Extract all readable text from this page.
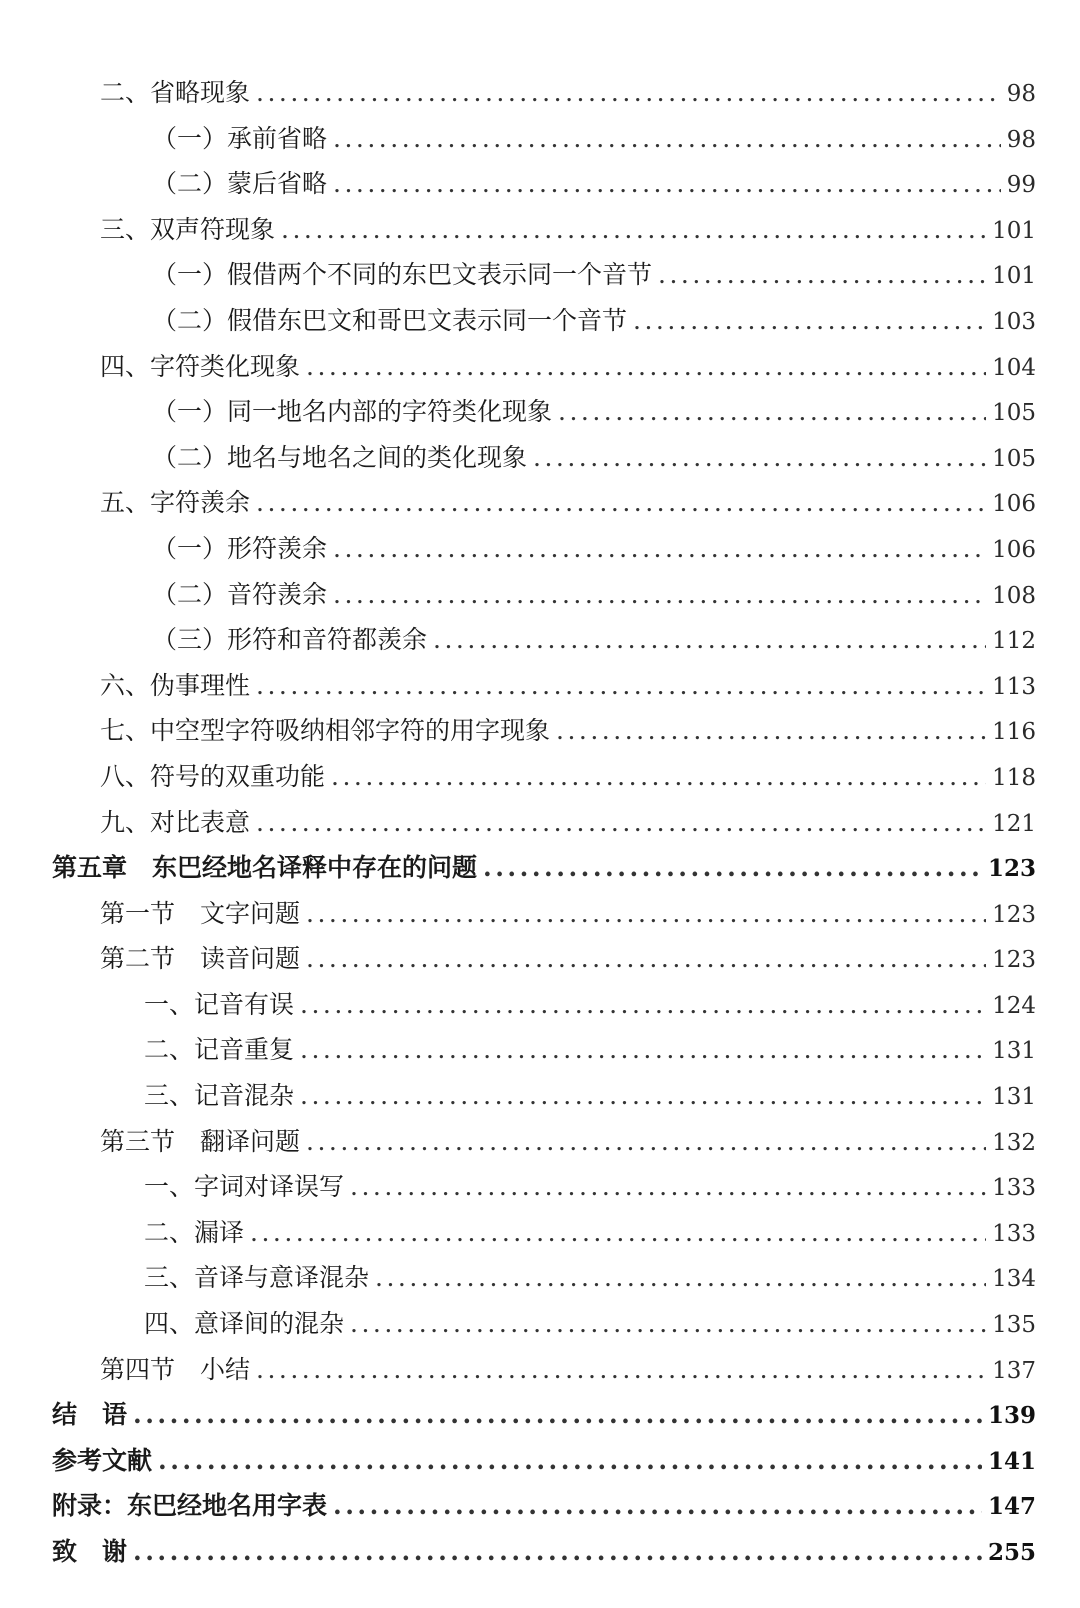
二、省略现象 .....	98
（一）承前省略 .....	98
（二）蒙后省略 .....	99
三、双声符现象 .....	101
（一）假借两个不同的东巴文表示同一个音节 .....	101
（二）假借东巴文和哥巴文表示同一个音节 .....	103
四、字符类化现象 .....	104
（一）同一地名内部的字符类化现象 .....	105
（二）地名与地名之间的类化现象 .....	105
五、字符羡余 .....	106
（一）形符羡余 .....	106
（二）音符羡余 .....	108
（三）形符和音符都羡余 .....	112
六、伪事理性 .....	113
七、中空型字符吸纳相邻字符的用字现象 .....	116
八、符号的双重功能 .....	118
九、对比表意 .....	121
第五章　东巴经地名译释中存在的问题 .....	123
第一节　文字问题 .....	123
第二节　读音问题 .....	123
一、记音有误 .....	124
二、记音重复 .....	131
三、记音混杂 .....	131
第三节　翻译问题 .....	132
一、字词对译误写 .....	133
二、漏译 .....	133
三、音译与意译混杂 .....	134
四、意译间的混杂 .....	135
第四节　小结 .....	137
结　语 .....	139
参考文献 .....	141
附录：东巴经地名用字表 .....	147
致　谢 .....	255
